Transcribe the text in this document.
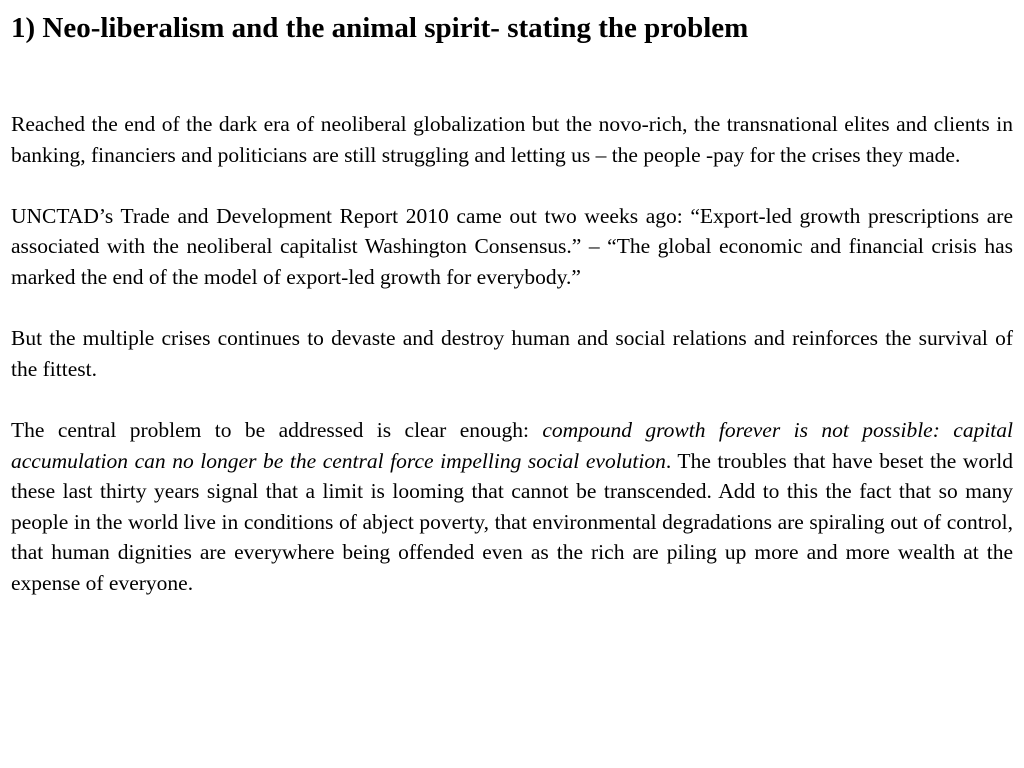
1) Neo-liberalism and the animal spirit- stating the problem

Reached the end of the dark era of neoliberal globalization but the novo-rich, the transnational elites and clients in banking, financiers and politicians are still struggling and letting us – the people -pay for the crises they made.

UNCTAD’s Trade and Development Report 2010 came out two weeks ago: “Export-led growth prescriptions are associated with the neoliberal capitalist Washington Consensus.” – “The global economic and financial crisis has marked the end of the model of export-led growth for everybody.”

But the multiple crises continues to devaste and destroy human and social relations and reinforces the survival of the fittest.

The central problem to be addressed is clear enough: compound growth forever is not possible: capital accumulation can no longer be the central force impelling social evolution. The troubles that have beset the world these last thirty years signal that a limit is looming that cannot be transcended. Add to this the fact that so many people in the world live in conditions of abject poverty, that environmental degradations are spiraling out of control, that human dignities are everywhere being offended even as the rich are piling up more and more wealth at the expense of everyone.
